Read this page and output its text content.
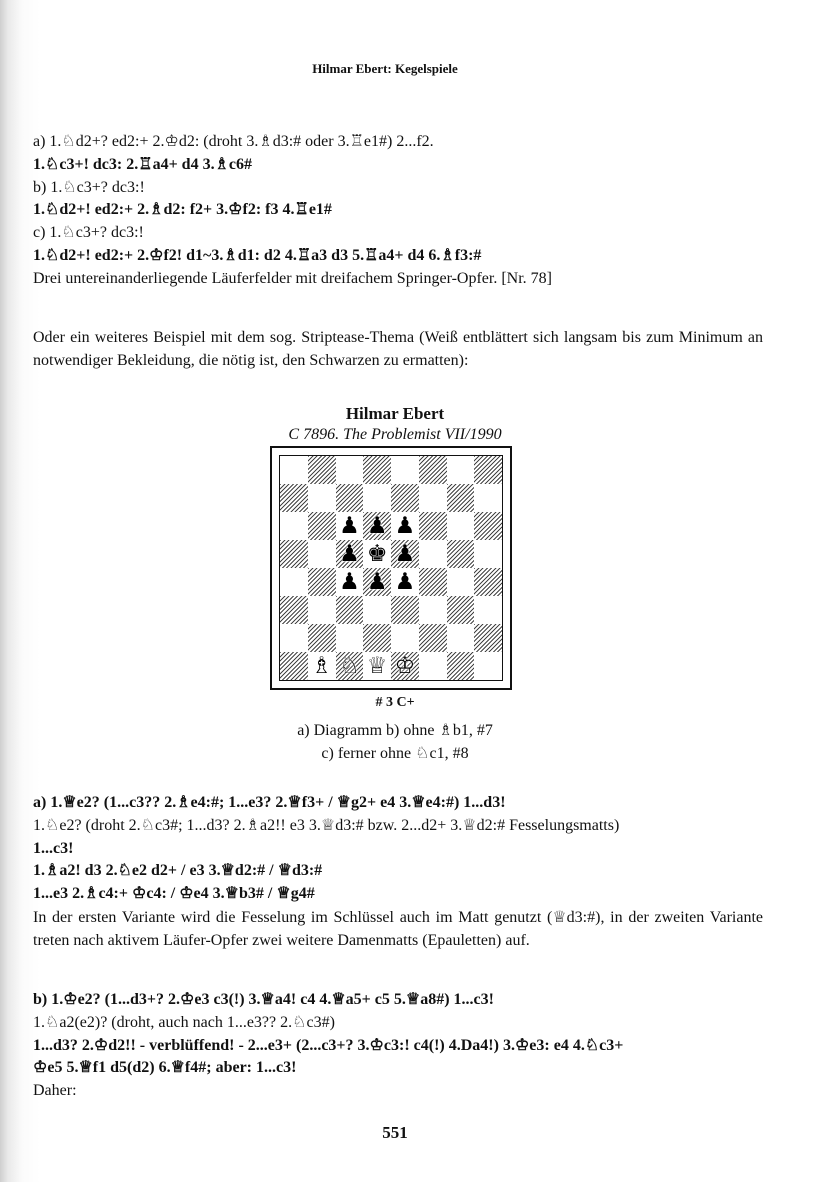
Hilmar Ebert: Kegelspiele
a) 1.♘d2+? ed2:+ 2.♔d2: (droht 3.♗d3:# oder 3.♖e1#) 2...f2.
1.♘c3+! dc3: 2.♖a4+ d4 3.♗c6#
b) 1.♘c3+? dc3:!
1.♘d2+! ed2:+ 2.♗d2: f2+ 3.♔f2: f3 4.♖e1#
c) 1.♘c3+? dc3:!
1.♘d2+! ed2:+ 2.♔f2! d1~3.♗d1: d2 4.♖a3 d3 5.♖a4+ d4 6.♗f3:#
Drei untereinanderliegende Läuferfelder mit dreifachem Springer-Opfer. [Nr. 78]
Oder ein weiteres Beispiel mit dem sog. Striptease-Thema (Weiß entblättert sich langsam bis zum Minimum an notwendiger Bekleidung, die nötig ist, den Schwarzen zu ermatten):
Hilmar Ebert
C 7896. The Problemist VII/1990
♟ ♟ ♟
♟ ♚ ♟
♟ ♟ ♟
♗ ♘ ♕ ♔
# 3 C+
a) Diagramm b) ohne ♗b1, #7
c) ferner ohne ♘c1, #8
a) 1.♕e2? (1...c3?? 2.♗e4:#; 1...e3? 2.♕f3+ / ♕g2+ e4 3.♕e4:#) 1...d3!
1.♘e2? (droht 2.♘c3#; 1...d3? 2.♗a2!! e3 3.♕d3:# bzw. 2...d2+ 3.♕d2:# Fesselungsmatts)
1...c3!
1.♗a2! d3 2.♘e2 d2+ / e3 3.♕d2:# / ♕d3:#
1...e3 2.♗c4:+ ♔c4: / ♔e4 3.♕b3# / ♕g4#
In der ersten Variante wird die Fesselung im Schlüssel auch im Matt genutzt (♕d3:#), in der zweiten Variante treten nach aktivem Läufer-Opfer zwei weitere Damenmatts (Epauletten) auf.
b) 1.♔e2? (1...d3+? 2.♔e3 c3(!) 3.♕a4! c4 4.♕a5+ c5 5.♕a8#) 1...c3!
1.♘a2(e2)? (droht, auch nach 1...e3?? 2.♘c3#)
1...d3? 2.♔d2!! - verblüffend! - 2...e3+ (2...c3+? 3.♔c3:! c4(!) 4.Da4!) 3.♔e3: e4 4.♘c3+
♔e5 5.♕f1 d5(d2) 6.♕f4#; aber: 1...c3!
Daher:
551
